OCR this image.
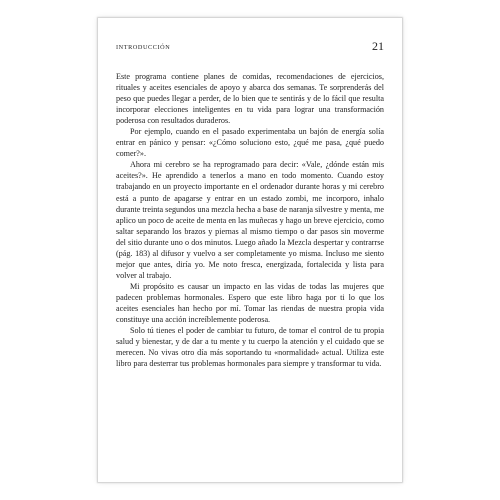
INTRODUCCIÓN	21

Este programa contiene planes de comidas, recomendaciones de ejercicios, rituales y aceites esenciales de apoyo y abarca dos semanas. Te sorprenderás del peso que puedes llegar a perder, de lo bien que te sentirás y de lo fácil que resulta incorporar elecciones inteligentes en tu vida para lograr una transformación poderosa con resultados duraderos.

Por ejemplo, cuando en el pasado experimentaba un bajón de energía solía entrar en pánico y pensar: «¿Cómo soluciono esto, ¿qué me pasa, ¿qué puedo comer?».

Ahora mi cerebro se ha reprogramado para decir: «Vale, ¿dónde están mis aceites?». He aprendido a tenerlos a mano en todo momento. Cuando estoy trabajando en un proyecto importante en el ordenador durante horas y mi cerebro está a punto de apagarse y entrar en un estado zombi, me incorporo, inhalo durante treinta segundos una mezcla hecha a base de naranja silvestre y menta, me aplico un poco de aceite de menta en las muñecas y hago un breve ejercicio, como saltar separando los brazos y piernas al mismo tiempo o dar pasos sin moverme del sitio durante uno o dos minutos. Luego añado la Mezcla despertar y contrarrse (pág. 183) al difusor y vuelvo a ser completamente yo misma. Incluso me siento mejor que antes, diría yo. Me noto fresca, energizada, fortalecida y lista para volver al trabajo.

Mi propósito es causar un impacto en las vidas de todas las mujeres que padecen problemas hormonales. Espero que este libro haga por ti lo que los aceites esenciales han hecho por mí. Tomar las riendas de nuestra propia vida constituye una acción increíblemente poderosa.

Solo tú tienes el poder de cambiar tu futuro, de tomar el control de tu propia salud y bienestar, y de dar a tu mente y tu cuerpo la atención y el cuidado que se merecen. No vivas otro día más soportando tu «normalidad» actual. Utiliza este libro para desterrar tus problemas hormonales para siempre y transformar tu vida.
